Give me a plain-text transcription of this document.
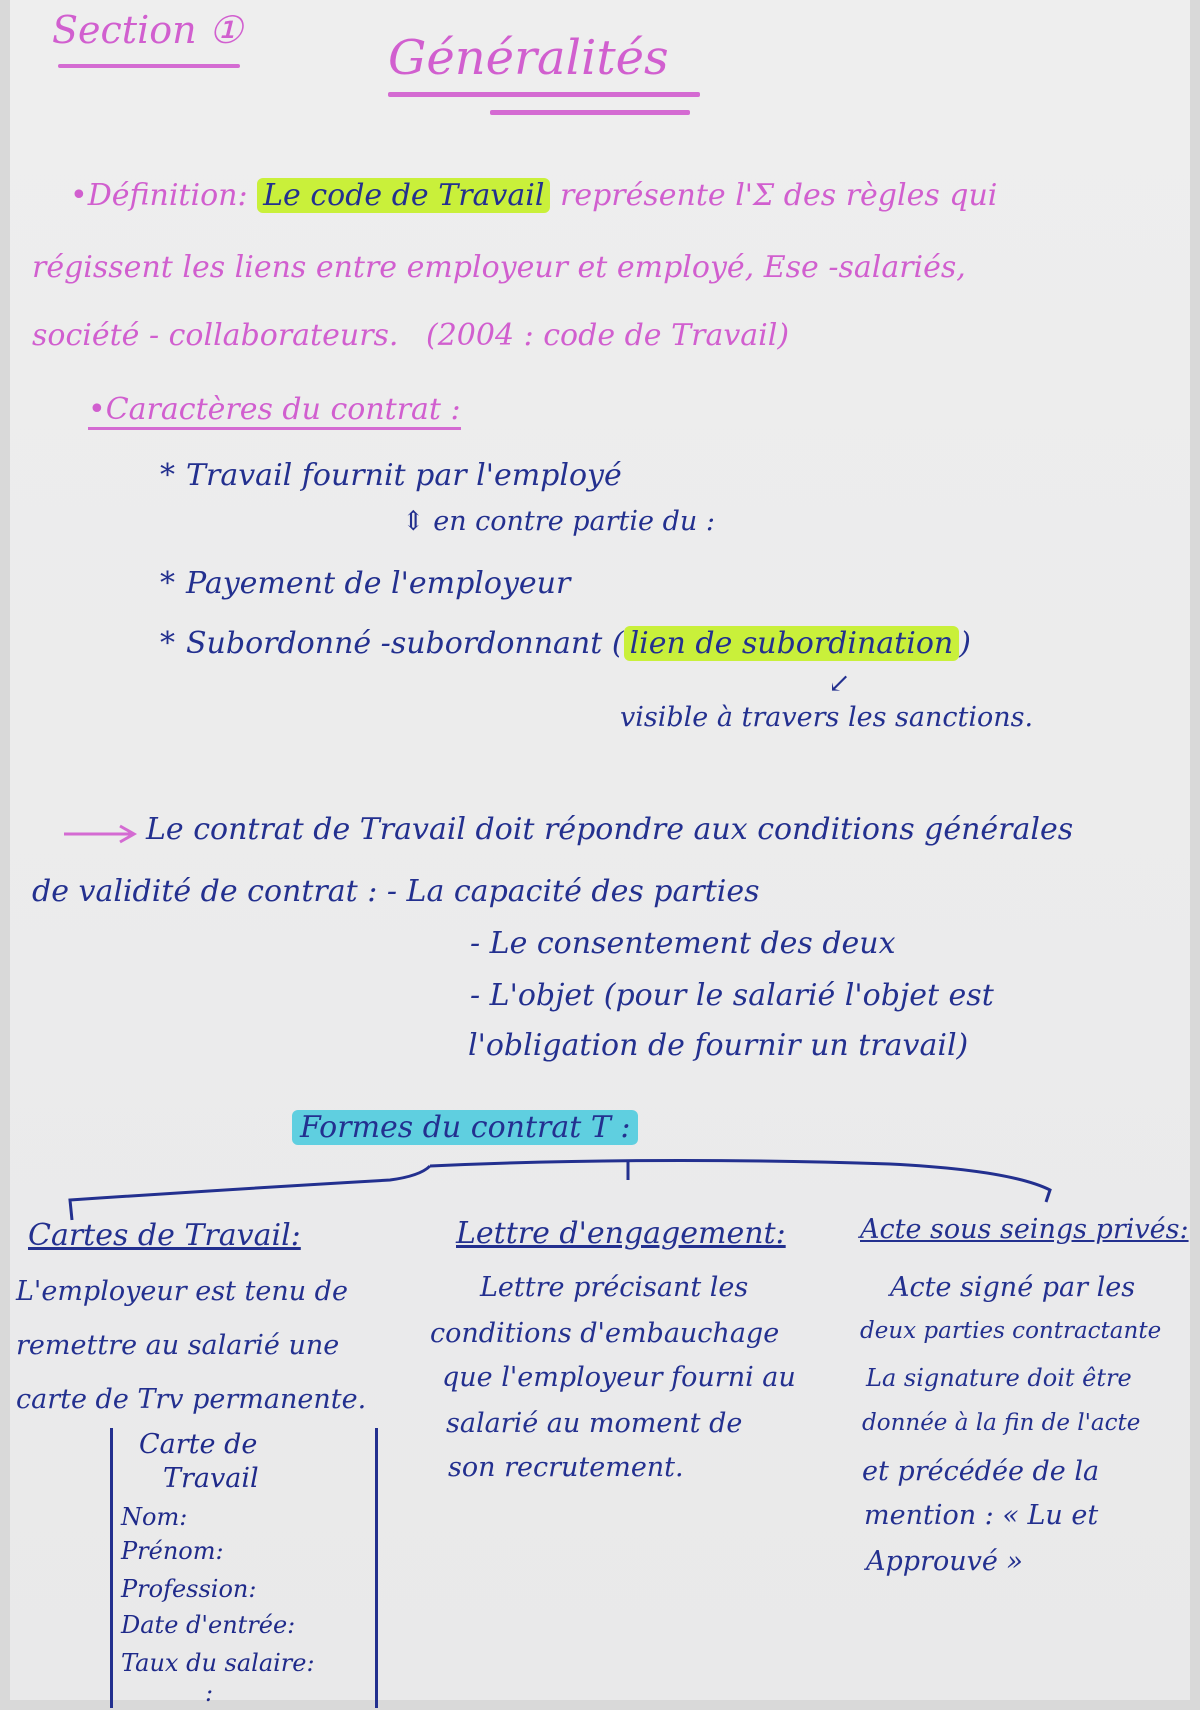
Section ①	Généralités
•Définition: Le code de Travail représente l'Σ des règles qui
régissent les liens entre employeur et employé, Ese -salariés,
société - collaborateurs. (2004 : code de Travail)
•Caractères du contrat :
* Travail fournit par l'employé
⇕ en contre partie du :
* Payement de l'employeur
* Subordonné -subordonnant ( lien de subordination )
↙
visible à travers les sanctions.
Le contrat de Travail doit répondre aux conditions générales
de validité de contrat : - La capacité des parties
- Le consentement des deux
- L'objet (pour le salarié l'objet est
l'obligation de fournir un travail)
Formes du contrat T :
Cartes de Travail:
L'employeur est tenu de
remettre au salarié une
carte de Trv permanente.
Carte de
Travail
Nom:
Prénom:
Profession:
Date d'entrée:
Taux du salaire:
:
Lettre d'engagement:
Lettre précisant les
conditions d'embauchage
que l'employeur fourni au
salarié au moment de
son recrutement.
Acte sous seings privés:
Acte signé par les
deux parties contractante
La signature doit être
donnée à la fin de l'acte
et précédée de la
mention : « Lu et
Approuvé »
